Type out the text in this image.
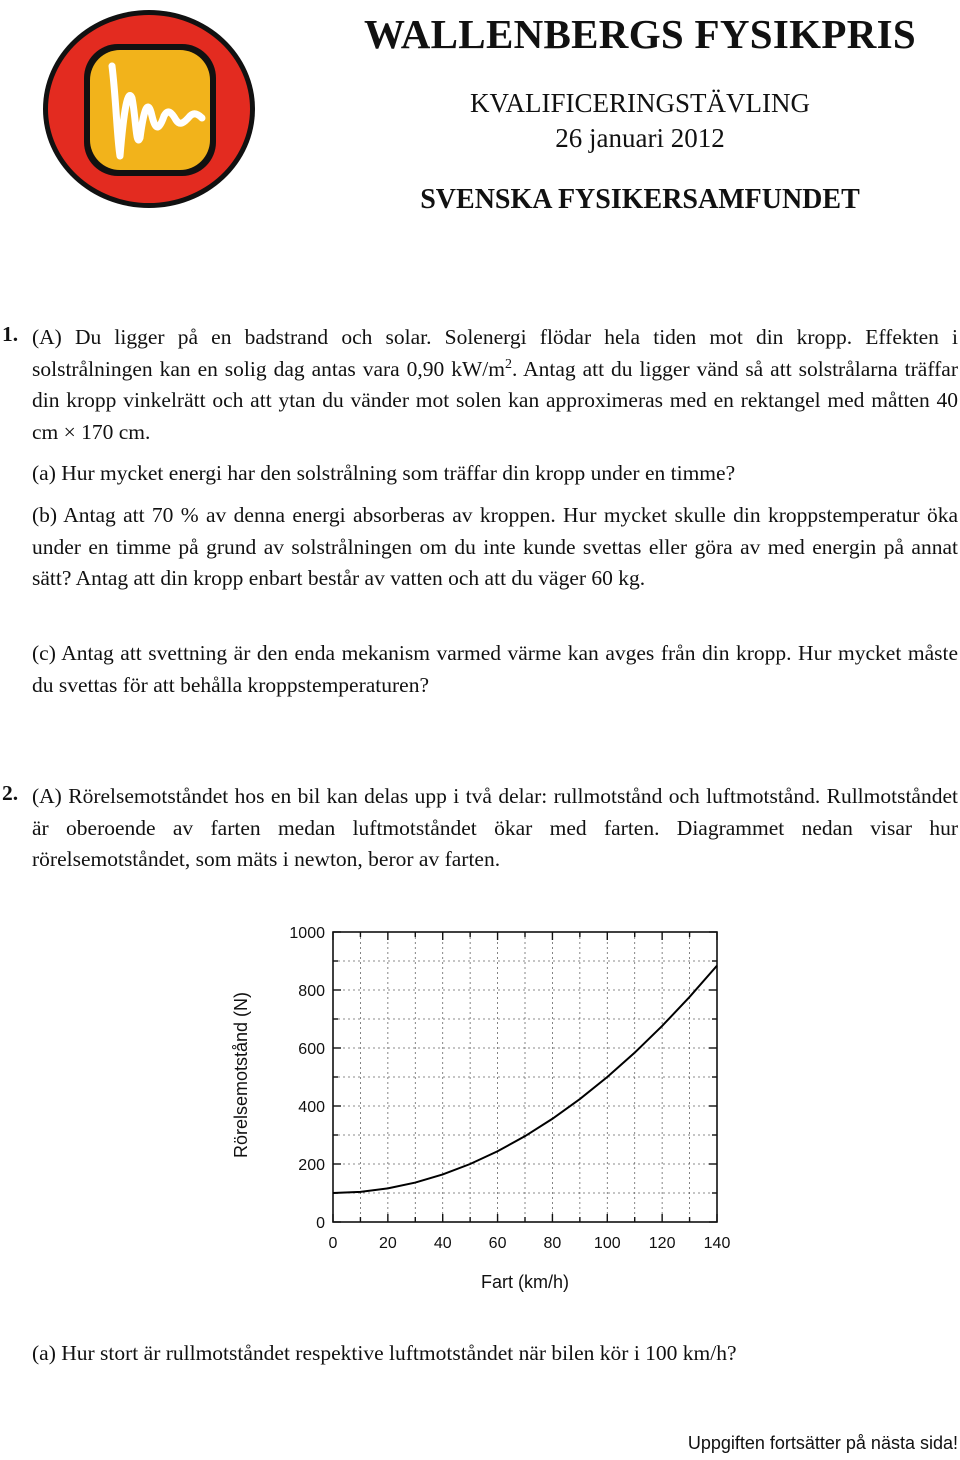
WALLENBERGS FYSIKPRIS
KVALIFICERINGSTÄVLING
26 januari 2012
SVENSKA FYSIKERSAMFUNDET
1. (A) Du ligger på en badstrand och solar. Solenergi flödar hela tiden mot din kropp. Effekten i solstrålningen kan en solig dag antas vara 0,90 $kW/m^2$. Antag att du ligger vänd så att solstrålarna träffar din kropp vinkelrätt och att ytan du vänder mot solen kan approximeras med en rektangel med måtten 40 cm × 170 cm.
(a) Hur mycket energi har den solstrålning som träffar din kropp under en timme?
(b) Antag att 70 % av denna energi absorberas av kroppen. Hur mycket skulle din kroppstemperatur öka under en timme på grund av solstrålningen om du inte kunde svettas eller göra av med energin på annat sätt? Antag att din kropp enbart består av vatten och att du väger 60 kg.
(c) Antag att svettning är den enda mekanism varmed värme kan avges från din kropp. Hur mycket måste du svettas för att behålla kroppstemperaturen?
2. (A) Rörelsemotståndet hos en bil kan delas upp i två delar: rullmotstånd och luftmotstånd. Rullmotståndet är oberoende av farten medan luftmotståndet ökar med farten. Diagrammet nedan visar hur rörelsemotståndet, som mäts i newton, beror av farten.
0	20 40 60 80 100 120 140
0
200
400
600
800
1000
Fart (km/h)
Rörelsemotstånd (N)
(a) Hur stort är rullmotståndet respektive luftmotståndet när bilen kör i 100 km/h?
Uppgiften fortsätter på nästa sida!
